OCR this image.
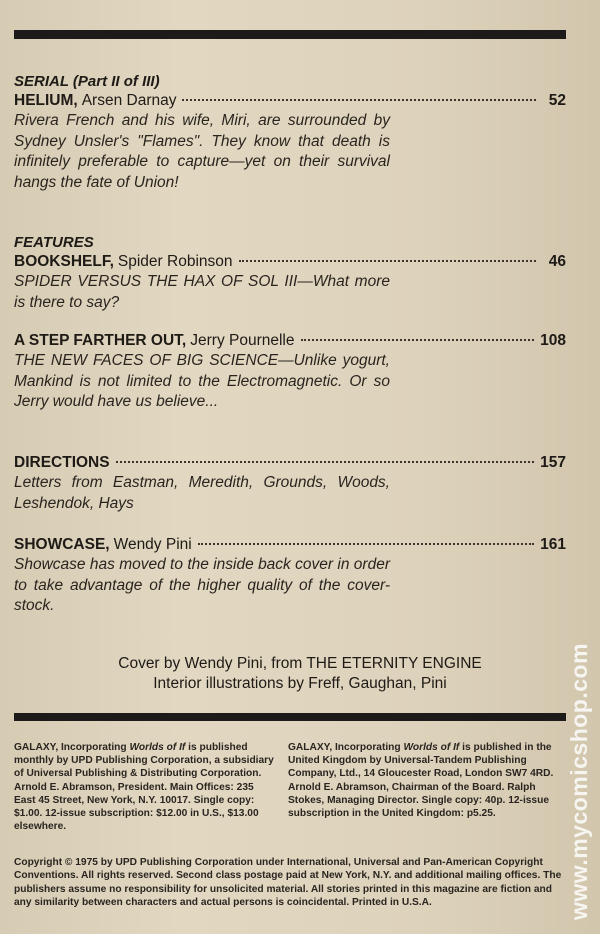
SERIAL (Part II of III)
HELIUM, Arsen Darnay	52
Rivera French and his wife, Miri, are surrounded by Sydney Unsler's "Flames". They know that death is infinitely preferable to capture—yet on their survival hangs the fate of Union!
FEATURES
BOOKSHELF, Spider Robinson	46
SPIDER VERSUS THE HAX OF SOL III—What more is there to say?
A STEP FARTHER OUT, Jerry Pournelle	108
THE NEW FACES OF BIG SCIENCE—Unlike yogurt, Mankind is not limited to the Electromagnetic. Or so Jerry would have us believe...
DIRECTIONS	157
Letters from Eastman, Meredith, Grounds, Woods, Leshendok, Hays
SHOWCASE, Wendy Pini	161
Showcase has moved to the inside back cover in order to take advantage of the higher quality of the cover-stock.
Cover by Wendy Pini, from THE ETERNITY ENGINE
Interior illustrations by Freff, Gaughan, Pini
GALAXY, Incorporating Worlds of If is published monthly by UPD Publishing Corporation, a subsidiary of Universal Publishing & Distributing Corporation. Arnold E. Abramson, President. Main Offices: 235 East 45 Street, New York, N.Y. 10017. Single copy: $1.00. 12-issue subscription: $12.00 in U.S., $13.00 elsewhere.
GALAXY, Incorporating Worlds of If is published in the United Kingdom by Universal-Tandem Publishing Company, Ltd., 14 Gloucester Road, London SW7 4RD. Arnold E. Abramson, Chairman of the Board. Ralph Stokes, Managing Director. Single copy: 40p. 12-issue subscription in the United Kingdom: p5.25.
Copyright © 1975 by UPD Publishing Corporation under International, Universal and Pan-American Copyright Conventions. All rights reserved. Second class postage paid at New York, N.Y. and additional mailing offices. The publishers assume no responsibility for unsolicited material. All stories printed in this magazine are fiction and any similarity between characters and actual persons is coincidental. Printed in U.S.A.	www.mycomicshop.com
